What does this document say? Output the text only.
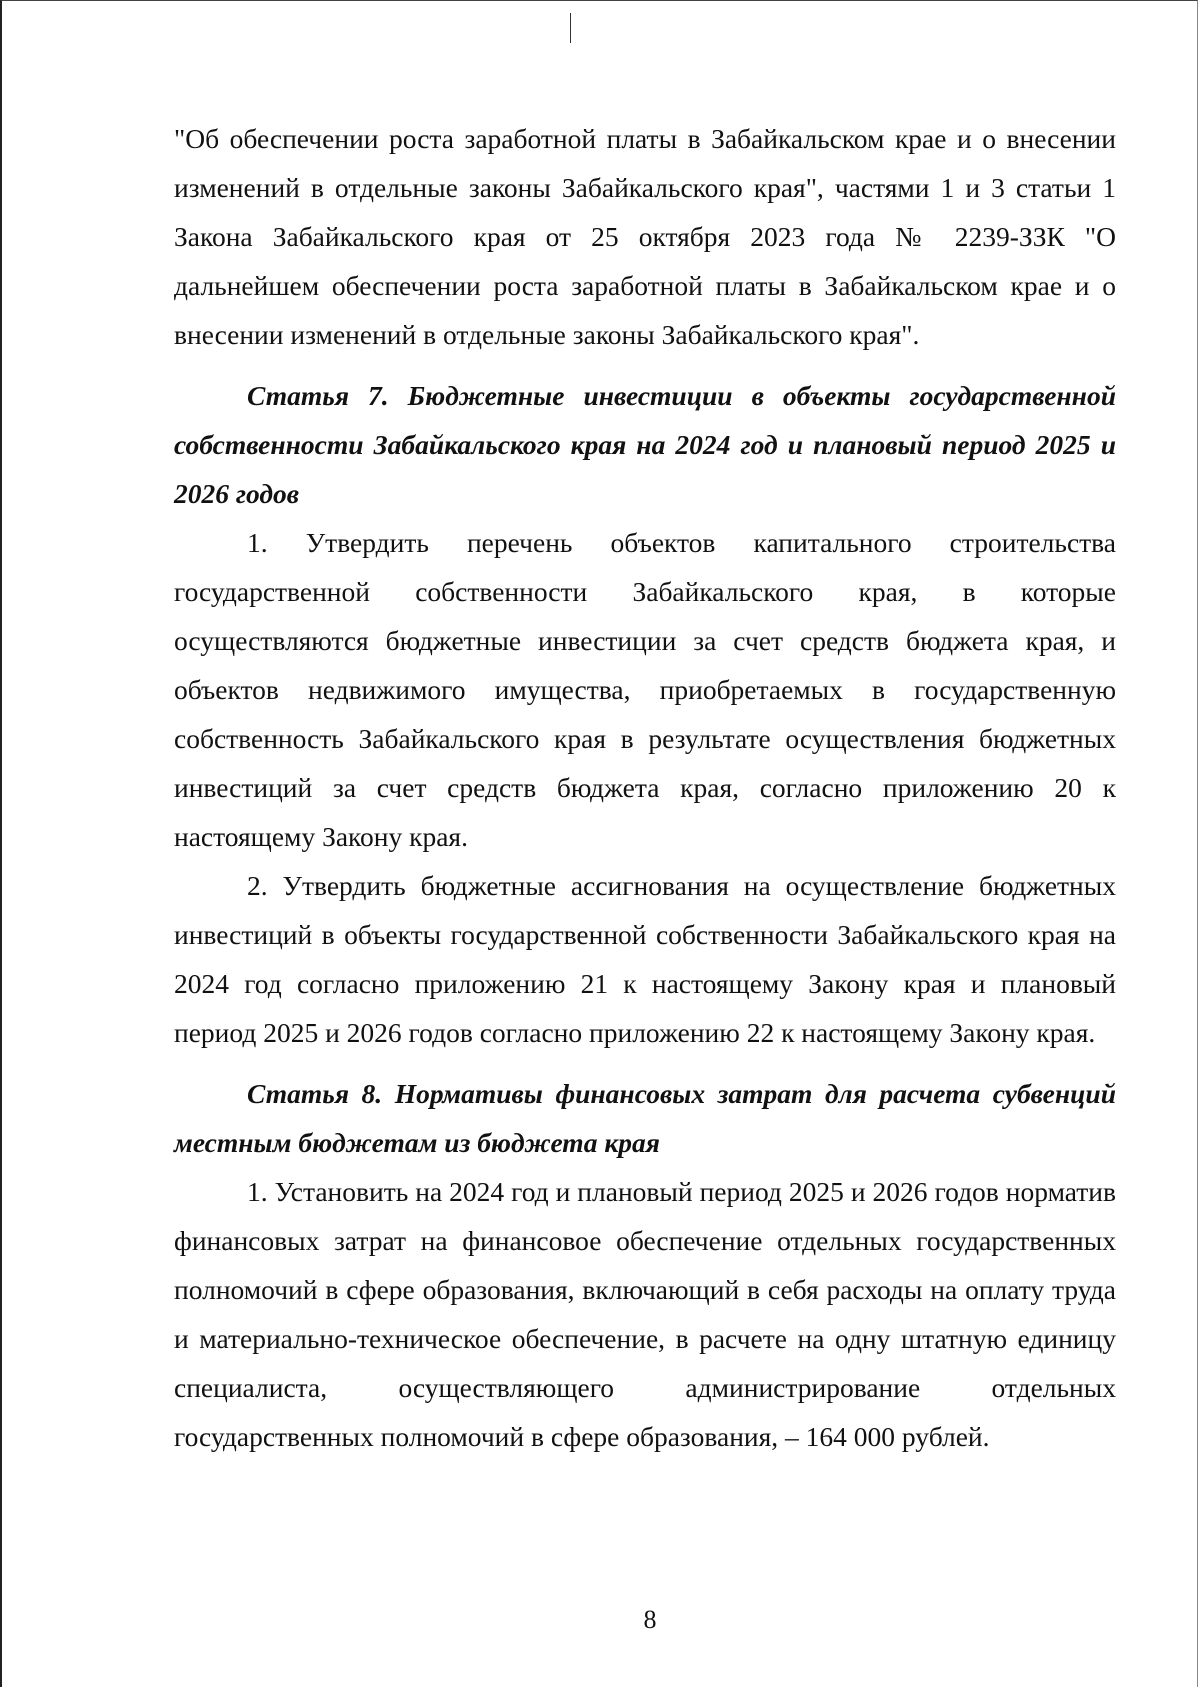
"Об обеспечении роста заработной платы в Забайкальском крае и о внесении изменений в отдельные законы Забайкальского края", частями 1 и 3 статьи 1 Закона Забайкальского края от 25 октября 2023 года № 2239-ЗЗК "О дальнейшем обеспечении роста заработной платы в Забайкальском крае и о внесении изменений в отдельные законы Забайкальского края".

Статья 7. Бюджетные инвестиции в объекты государственной собственности Забайкальского края на 2024 год и плановый период 2025 и 2026 годов

1. Утвердить перечень объектов капитального строительства государственной собственности Забайкальского края, в которые осуществляются бюджетные инвестиции за счет средств бюджета края, и объектов недвижимого имущества, приобретаемых в государственную собственность Забайкальского края в результате осуществления бюджетных инвестиций за счет средств бюджета края, согласно приложению 20 к настоящему Закону края.

2. Утвердить бюджетные ассигнования на осуществление бюджетных инвестиций в объекты государственной собственности Забайкальского края на 2024 год согласно приложению 21 к настоящему Закону края и плановый период 2025 и 2026 годов согласно приложению 22 к настоящему Закону края.

Статья 8. Нормативы финансовых затрат для расчета субвенций местным бюджетам из бюджета края

1. Установить на 2024 год и плановый период 2025 и 2026 годов норматив финансовых затрат на финансовое обеспечение отдельных государственных полномочий в сфере образования, включающий в себя расходы на оплату труда и материально-техническое обеспечение, в расчете на одну штатную единицу специалиста, осуществляющего администрирование отдельных государственных полномочий в сфере образования, – 164 000 рублей.

8
